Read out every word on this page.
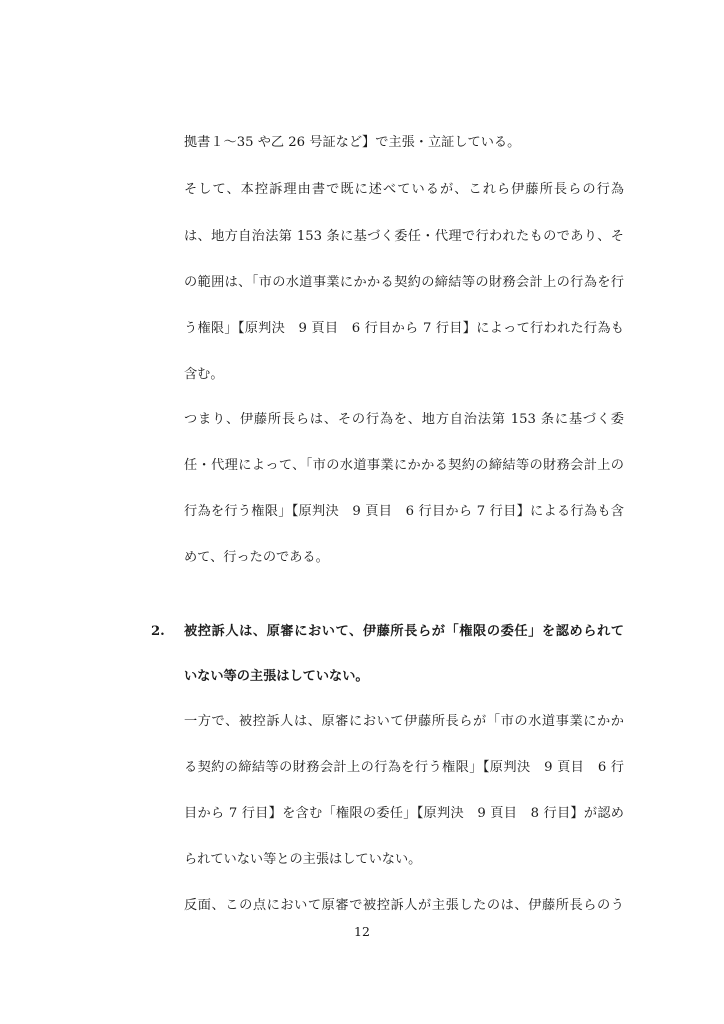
拠書１～35 や乙 26 号証など】で主張・立証している。
そして、本控訴理由書で既に述べているが、これら伊藤所長らの行為
は、地方自治法第 153 条に基づく委任・代理で行われたものであり、そ
の範囲は、「市の水道事業にかかる契約の締結等の財務会計上の行為を行
う権限」【原判決　9 頁目　6 行目から 7 行目】によって行われた行為も
含む。
つまり、伊藤所長らは、その行為を、地方自治法第 153 条に基づく委
任・代理によって、「市の水道事業にかかる契約の締結等の財務会計上の
行為を行う権限」【原判決　9 頁目　6 行目から 7 行目】による行為も含
めて、行ったのである。
2. 被控訴人は、原審において、伊藤所長らが「権限の委任」を認められて
いない等の主張はしていない。
一方で、被控訴人は、原審において伊藤所長らが「市の水道事業にかか
る契約の締結等の財務会計上の行為を行う権限」【原判決　9 頁目　6 行
目から 7 行目】を含む「権限の委任」【原判決　9 頁目　8 行目】が認め
られていない等との主張はしていない。
反面、この点において原審で被控訴人が主張したのは、伊藤所長らのう
12
